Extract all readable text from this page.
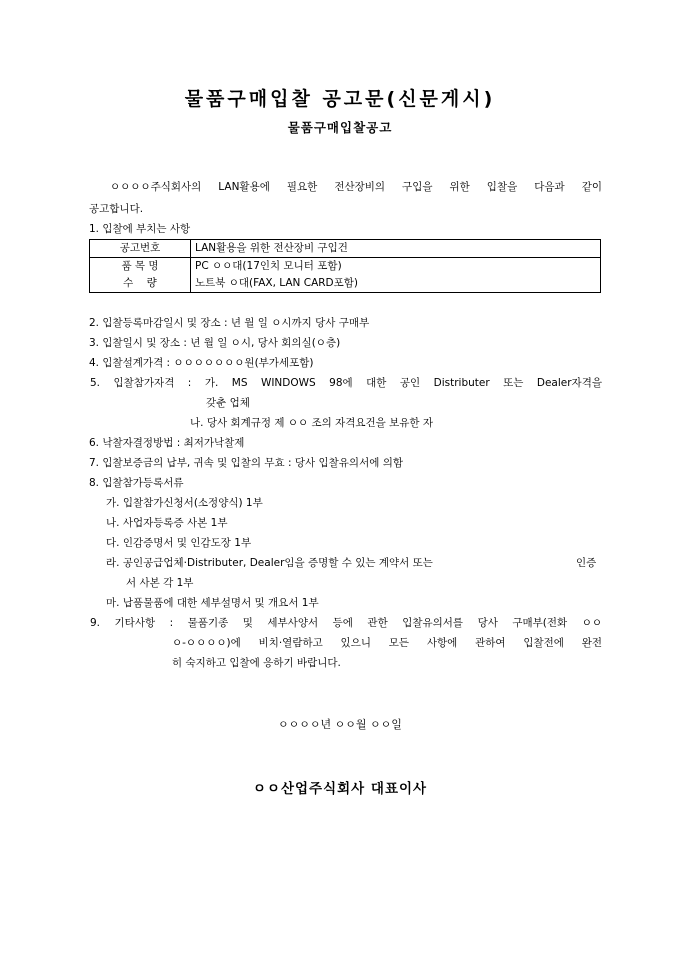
물품구매입찰 공고문(신문게시)
물품구매입찰공고
ㅇㅇㅇㅇ주식회사의 LAN활용에 필요한 전산장비의 구입을 위한 입찰을 다음과 같이
공고합니다.
1. 입찰에 부치는 사항
공고번호	LAN활용을 위한 전산장비 구입건
품 목 명	PC ㅇㅇ대(17인치 모니터 포함)
수    량	노트북 ㅇ대(FAX, LAN CARD포함)
2. 입찰등록마감일시 및 장소 : 년 월 일 ㅇ시까지 당사 구매부
3. 입찰일시 및 장소 : 년 월 일 ㅇ시, 당사 회의실(ㅇ층)
4. 입찰설계가격 : ㅇㅇㅇㅇㅇㅇㅇ원(부가세포함)
5. 입찰참가자격 : 가. MS WINDOWS 98에 대한 공인 Distributer 또는 Dealer자격을
갖춘 업체
나. 당사 회계규정 제 ㅇㅇ 조의 자격요건을 보유한 자
6. 낙찰자결정방법 : 최저가낙찰제
7. 입찰보증금의 납부, 귀속 및 입찰의 무효 : 당사 입찰유의서에 의함
8. 입찰참가등록서류
가. 입찰참가신청서(소정양식) 1부
나. 사업자등록증 사본 1부
다. 인감증명서 및 인감도장 1부
라. 공인공급업체·Distributer, Dealer임을 증명할 수 있는 계약서 또는	인증
서 사본 각 1부
마. 납품물품에 대한 세부설명서 및 개요서 1부
9. 기타사항 : 물품기종 및 세부사양서 등에 관한 입찰유의서를 당사 구매부(전화 ㅇㅇ
ㅇ-ㅇㅇㅇㅇ)에 비치·열람하고 있으니 모든 사항에 관하여 입찰전에 완전
히 숙지하고 입찰에 응하기 바랍니다.
ㅇㅇㅇㅇ년 ㅇㅇ월 ㅇㅇ일
ㅇㅇ산업주식회사 대표이사
